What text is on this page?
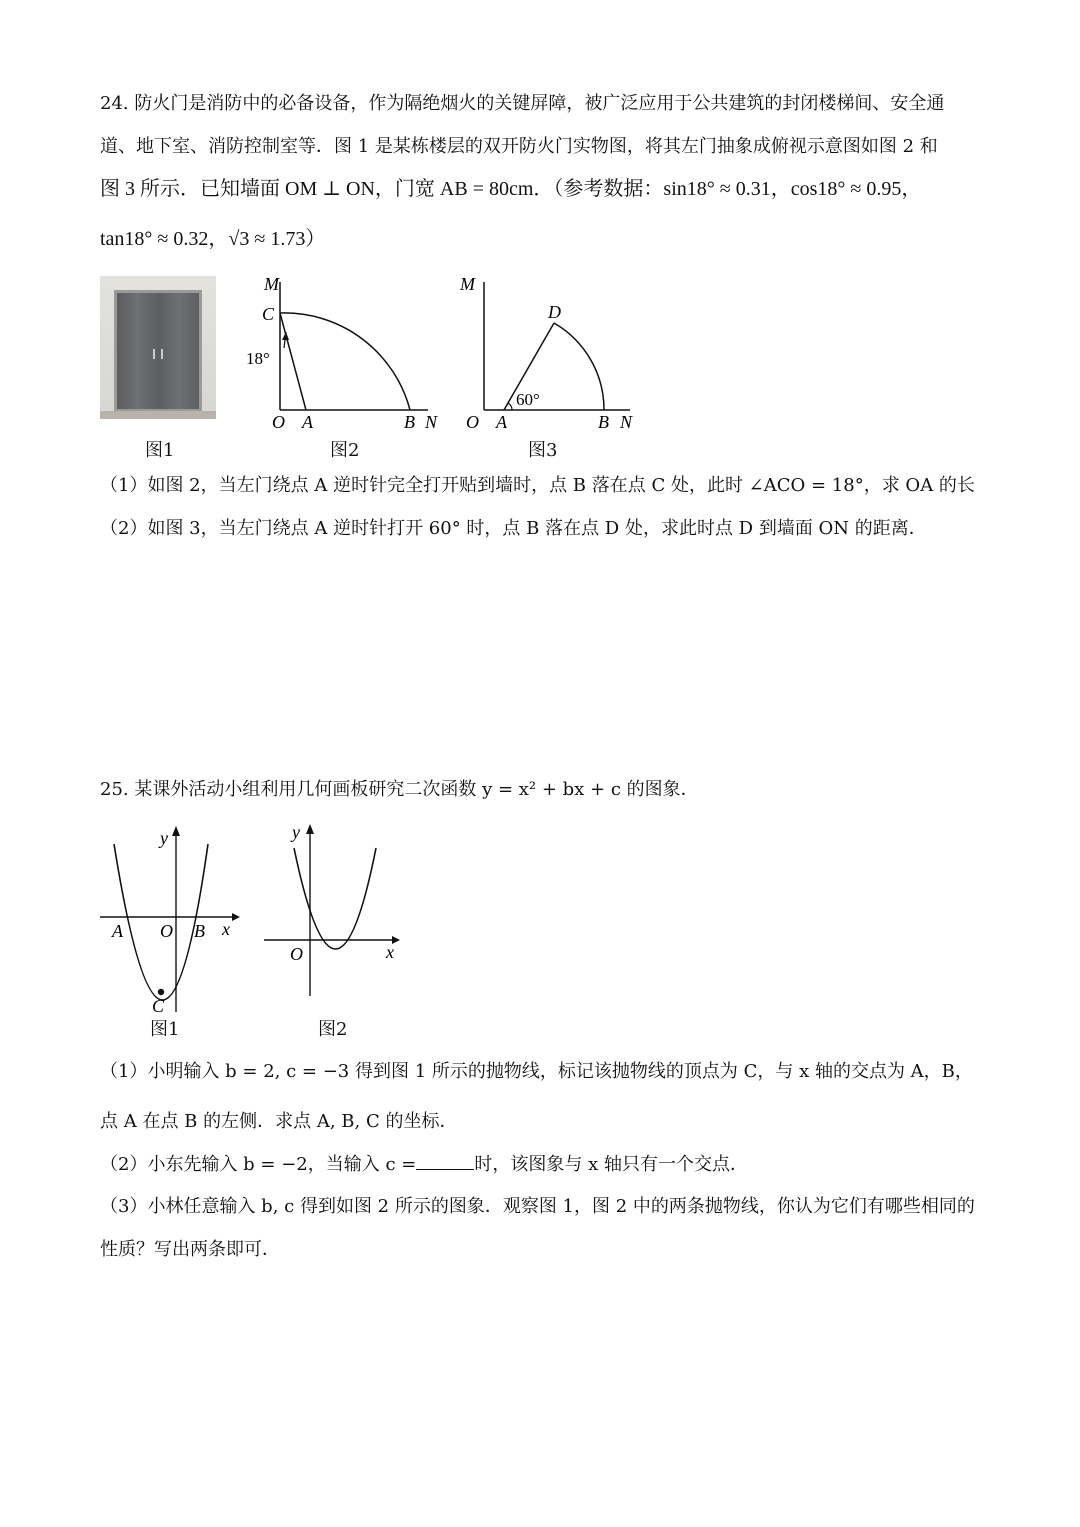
24. 防火门是消防中的必备设备，作为隔绝烟火的关键屏障，被广泛应用于公共建筑的封闭楼梯间、安全通
道、地下室、消防控制室等．图 1 是某栋楼层的双开防火门实物图，将其左门抽象成俯视示意图如图 2 和
图 3 所示．已知墙面 OM ⊥ ON，门宽 AB = 80cm．（参考数据：sin18° ≈ 0.31，cos18° ≈ 0.95，
tan18° ≈ 0.32，√3 ≈ 1.73）
图1
M
C
18°
O A	B N
图2
M
D
60°
O A	B N
图3
（1）如图 2，当左门绕点 A 逆时针完全打开贴到墙时，点 B 落在点 C 处，此时 ∠ACO = 18°，求 OA 的长
（2）如图 3，当左门绕点 A 逆时针打开 60° 时，点 B 落在点 D 处，求此时点 D 到墙面 ON 的距离．
25. 某课外活动小组利用几何画板研究二次函数 y = x² + bx + c 的图象．
y
A O B x
C
图1
y
O	x
图2
（1）小明输入 b = 2, c = −3 得到图 1 所示的抛物线，标记该抛物线的顶点为 C，与 x 轴的交点为 A，B，
点 A 在点 B 的左侧．求点 A, B, C 的坐标．
（2）小东先输入 b = −2，当输入 c =	时，该图象与 x 轴只有一个交点．
（3）小林任意输入 b, c 得到如图 2 所示的图象．观察图 1，图 2 中的两条抛物线，你认为它们有哪些相同的
性质？写出两条即可．
